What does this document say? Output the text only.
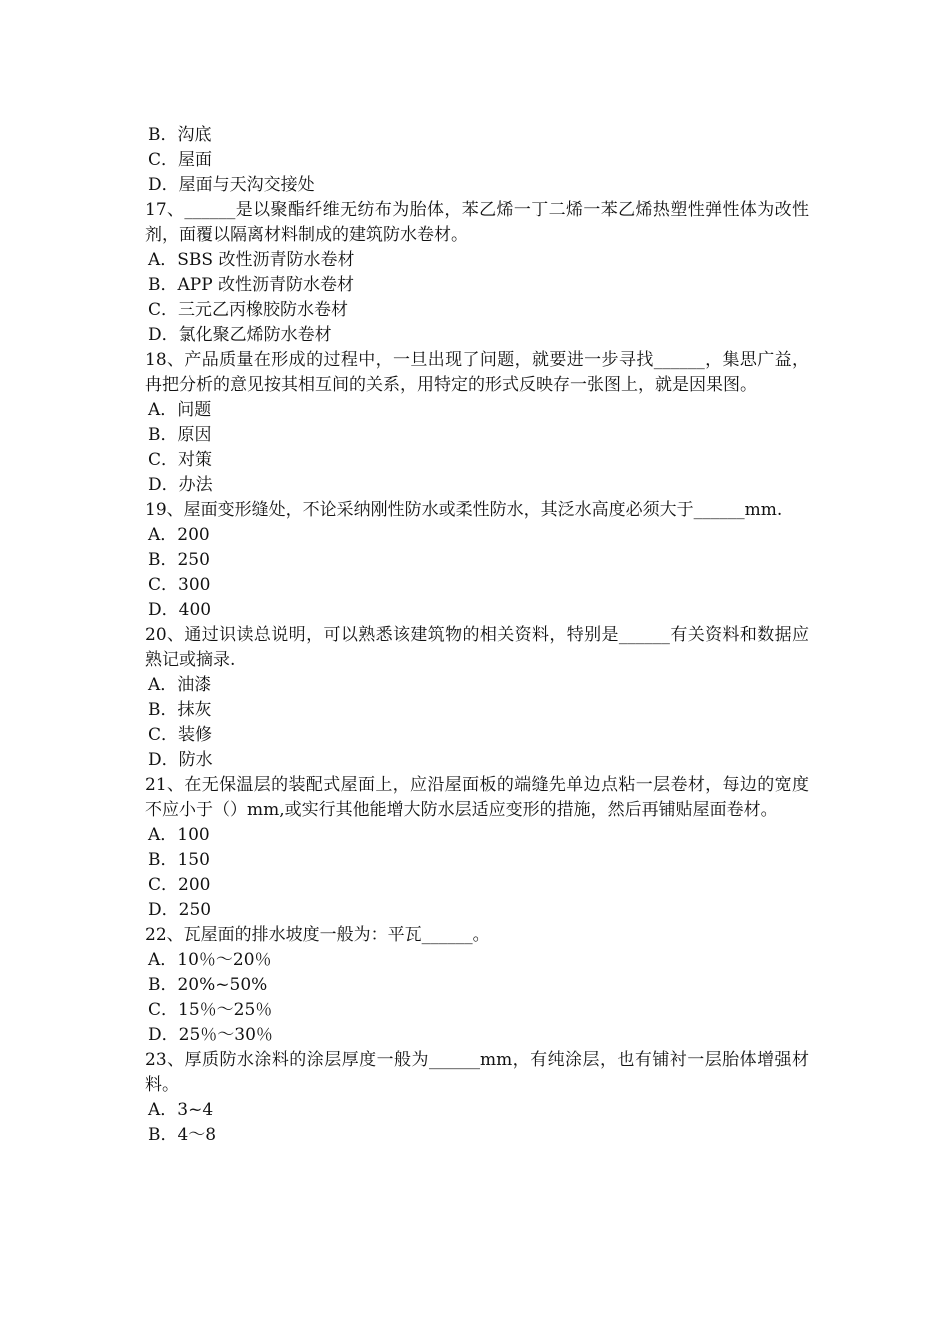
B．沟底
C．屋面
D．屋面与天沟交接处
17、______是以聚酯纤维无纺布为胎体，苯乙烯一丁二烯一苯乙烯热塑性弹性体为改性剂，面覆以隔离材料制成的建筑防水卷材。
A．SBS 改性沥青防水卷材
B．APP 改性沥青防水卷材
C．三元乙丙橡胶防水卷材
D．氯化聚乙烯防水卷材
18、产品质量在形成的过程中，一旦出现了问题，就要进一步寻找______，集思广益，冉把分析的意见按其相互间的关系，用特定的形式反映存一张图上，就是因果图。
A．问题
B．原因
C．对策
D．办法
19、屋面变形缝处，不论采纳刚性防水或柔性防水，其泛水高度必须大于______mm.
A．200
B．250
C．300
D．400
20、通过识读总说明，可以熟悉该建筑物的相关资料，特别是______有关资料和数据应熟记或摘录.
A．油漆
B．抹灰
C．装修
D．防水
21、在无保温层的装配式屋面上，应沿屋面板的端缝先单边点粘一层卷材，每边的宽度不应小于（）mm,或实行其他能增大防水层适应变形的措施，然后再铺贴屋面卷材。
A．100
B．150
C．200
D．250
22、瓦屋面的排水坡度一般为：平瓦______。
A．10％～20％
B．20%~50%
C．15％～25％
D．25％～30％
23、厚质防水涂料的涂层厚度一般为______mm，有纯涂层，也有铺衬一层胎体增强材料。
A．3~4
B．4～8
